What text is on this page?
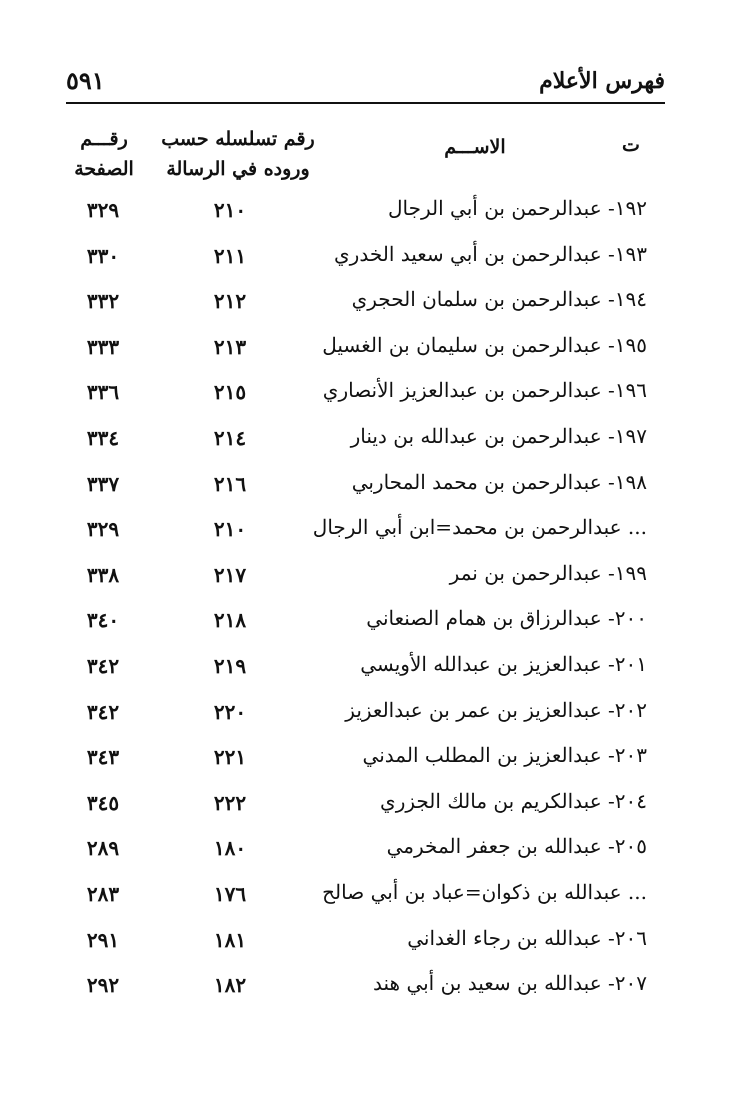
فهرس الأعلام
٥٩١
ت
الاســـم
رقم تسلسله حسب وروده في الرسالة
رقـــم الصفحة
١٩٢- عبدالرحمن بن أبي الرجال
٢١٠
٣٢٩
١٩٣- عبدالرحمن بن أبي سعيد الخدري
٢١١
٣٣٠
١٩٤- عبدالرحمن بن سلمان الحجري
٢١٢
٣٣٢
١٩٥- عبدالرحمن بن سليمان بن الغسيل
٢١٣
٣٣٣
١٩٦- عبدالرحمن بن عبدالعزيز الأنصاري
٢١٥
٣٣٦
١٩٧- عبدالرحمن بن عبدالله بن دينار
٢١٤
٣٣٤
١٩٨- عبدالرحمن بن محمد المحاربي
٢١٦
٣٣٧
... عبدالرحمن بن محمد=ابن أبي الرجال
٢١٠
٣٢٩
١٩٩- عبدالرحمن بن نمر
٢١٧
٣٣٨
٢٠٠- عبدالرزاق بن همام الصنعاني
٢١٨
٣٤٠
٢٠١- عبدالعزيز بن عبدالله الأويسي
٢١٩
٣٤٢
٢٠٢- عبدالعزيز بن عمر بن عبدالعزيز
٢٢٠
٣٤٢
٢٠٣- عبدالعزيز بن المطلب المدني
٢٢١
٣٤٣
٢٠٤- عبدالكريم بن مالك الجزري
٢٢٢
٣٤٥
٢٠٥- عبدالله بن جعفر المخرمي
١٨٠
٢٨٩
... عبدالله بن ذكوان=عباد بن أبي صالح
١٧٦
٢٨٣
٢٠٦- عبدالله بن رجاء الغداني
١٨١
٢٩١
٢٠٧- عبدالله بن سعيد بن أبي هند
١٨٢
٢٩٢
